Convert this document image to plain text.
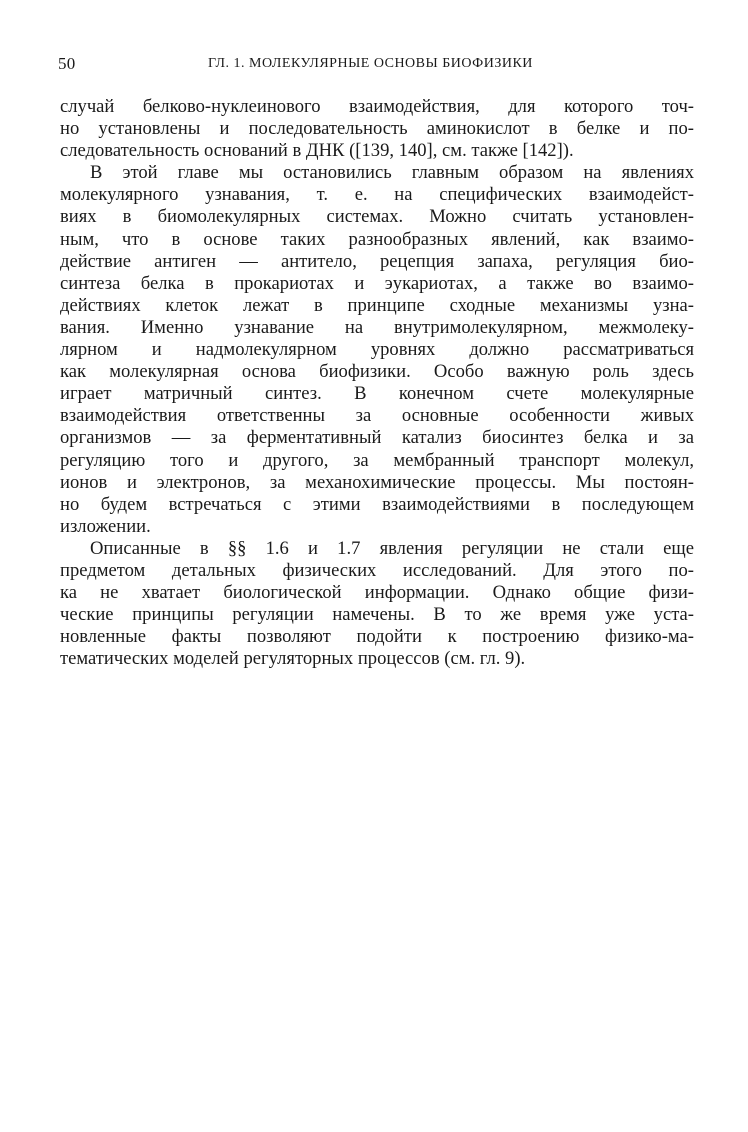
50	ГЛ. 1. МОЛЕКУЛЯРНЫЕ ОСНОВЫ БИОФИЗИКИ
случай белково-нуклеинового взаимодействия, для которого точ-
но установлены и последовательность аминокислот в белке и по-
следовательность оснований в ДНК ([139, 140], см. также [142]).
В этой главе мы остановились главным образом на явлениях
молекулярного узнавания, т. е. на специфических взаимодейст-
виях в биомолекулярных системах. Можно считать установлен-
ным, что в основе таких разнообразных явлений, как взаимо-
действие антиген — антитело, рецепция запаха, регуляция био-
синтеза белка в прокариотах и эукариотах, а также во взаимо-
действиях клеток лежат в принципе сходные механизмы узна-
вания. Именно узнавание на внутримолекулярном, межмолеку-
лярном и надмолекулярном уровнях должно рассматриваться
как молекулярная основа биофизики. Особо важную роль здесь
играет матричный синтез. В конечном счете молекулярные
взаимодействия ответственны за основные особенности живых
организмов — за ферментативный катализ биосинтез белка и за
регуляцию того и другого, за мембранный транспорт молекул,
ионов и электронов, за механохимические процессы. Мы постоян-
но будем встречаться с этими взаимодействиями в последующем
изложении.
Описанные в §§ 1.6 и 1.7 явления регуляции не стали еще
предметом детальных физических исследований. Для этого по-
ка не хватает биологической информации. Однако общие физи-
ческие принципы регуляции намечены. В то же время уже уста-
новленные факты позволяют подойти к построению физико-ма-
тематических моделей регуляторных процессов (см. гл. 9).
